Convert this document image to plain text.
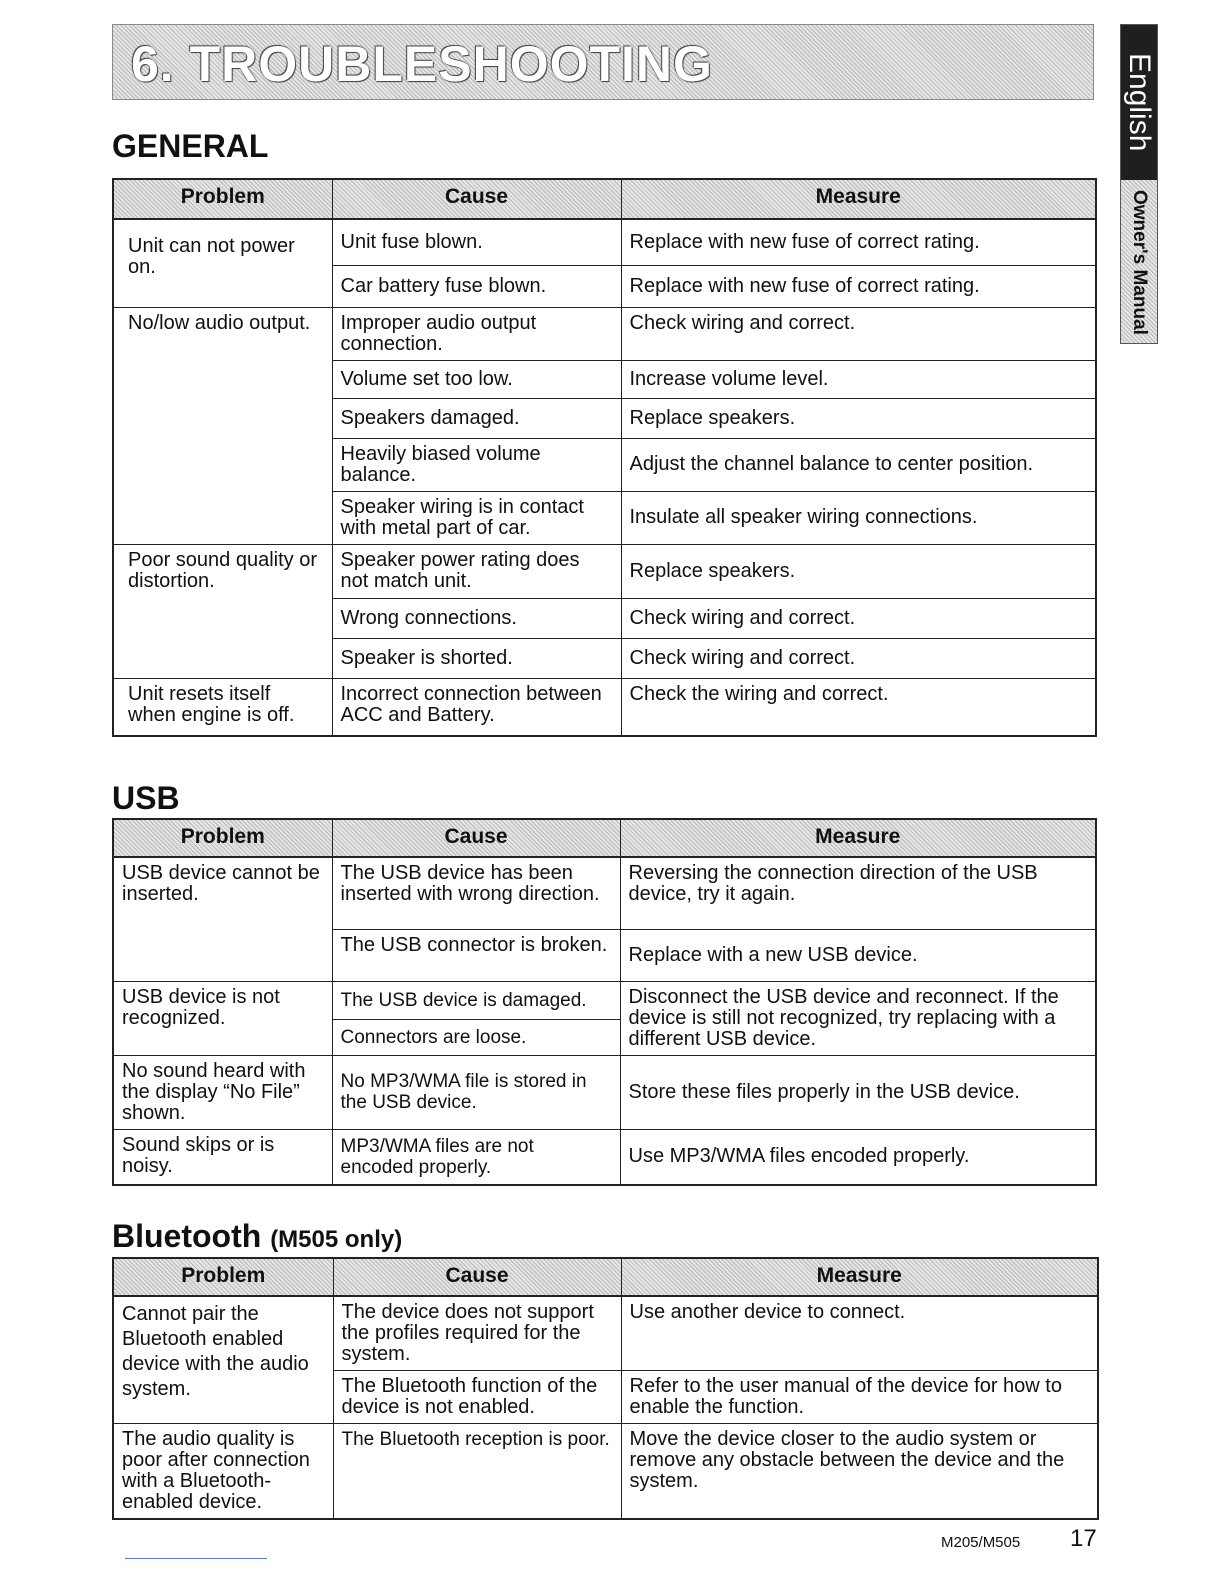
6. TROUBLESHOOTING	English
Owner's Manual
GENERAL
Problem	Cause	Measure
Unit can not power on.	Unit fuse blown.	Replace with new fuse of correct rating.
	Car battery fuse blown.	Replace with new fuse of correct rating.
No/low audio output.	Improper audio output connection.	Check wiring and correct.
	Volume set too low.	Increase volume level.
	Speakers damaged.	Replace speakers.
	Heavily biased volume balance.	Adjust the channel balance to center position.
	Speaker wiring is in contact with metal part of car.	Insulate all speaker wiring connections.
Poor sound quality or distortion.	Speaker power rating does not match unit.	Replace speakers.
	Wrong connections.	Check wiring and correct.
	Speaker is shorted.	Check wiring and correct.
Unit resets itself when engine is off.	Incorrect connection between ACC and Battery.	Check the wiring and correct.
USB
Problem	Cause	Measure
USB device cannot be inserted.	The USB device has been inserted with wrong direction.	Reversing the connection direction of the USB device, try it again.
	The USB connector is broken.	Replace with a new USB device.
USB device is not recognized.	The USB device is damaged.	Disconnect the USB device and reconnect. If the device is still not recognized, try replacing with a different USB device.
	Connectors are loose.	
No sound heard with the display “No File” shown.	No MP3/WMA file is stored in the USB device.	Store these files properly in the USB device.
Sound skips or is noisy.	MP3/WMA files are not encoded properly.	Use MP3/WMA files encoded properly.
Bluetooth (M505 only)
Problem	Cause	Measure
Cannot pair the Bluetooth enabled device with the audio system.	The device does not support the profiles required for the system.	Use another device to connect.
	The Bluetooth function of the device is not enabled.	Refer to the user manual of the device for how to enable the function.
The audio quality is poor after connection with a Bluetooth-enabled device.	The Bluetooth reception is poor.	Move the device closer to the audio system or remove any obstacle between the device and the system.
M205/M505 17
